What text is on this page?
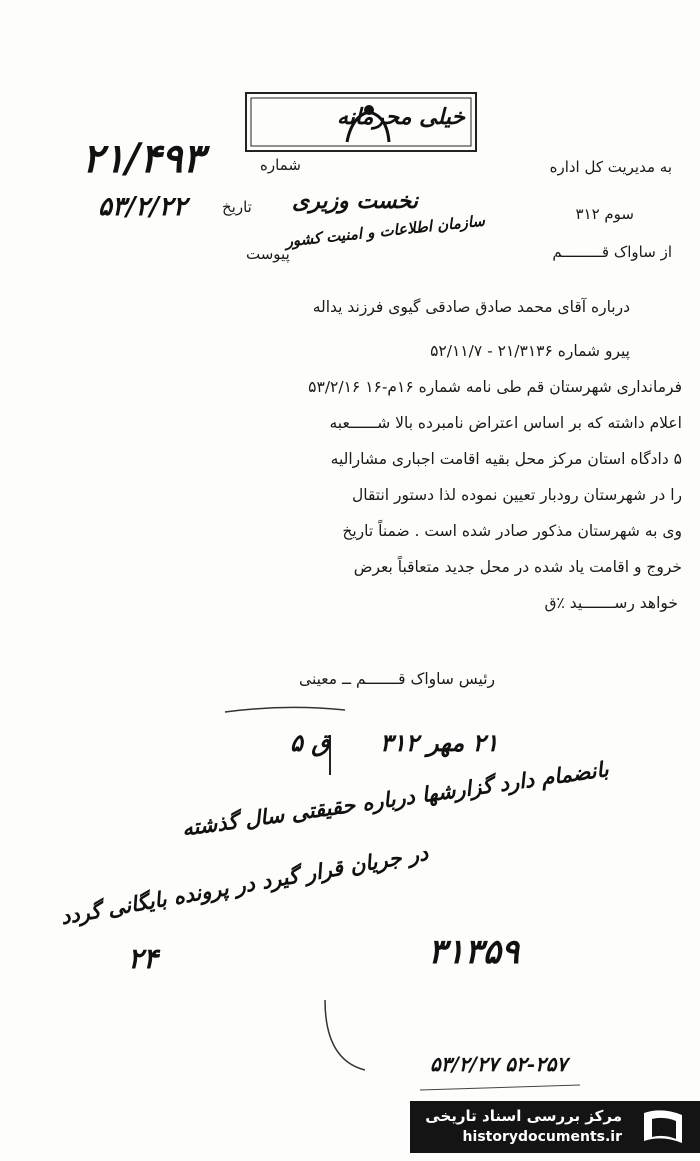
خیلی محرمانه
به مدیریت کل اداره
شماره
۲۱/۴۹۳
تاریخ
۵۳/۲/۲۲	نخست وزیری	سوم ۳۱۲
سازمان اطلاعات و امنیت کشور
از ساواک قـــــــــم
پیوست
درباره آقای محمد صادق صادقی گیوی فرزند یداله
پیرو شماره ۲۱/۳۱۳۶ - ۵۲/۱۱/۷
فرمانداری شهرستان قم طی نامه شماره ۱۶م-۱۶ ۵۳/۲/۱۶
اعلام داشته که بر اساس اعتراض نامبرده بالا شــــــعبه
۵ دادگاه استان مرکز محل بقیه اقامت اجباری مشارالیه
را در شهرستان رودبار تعیین نموده لذا دستور انتقال
وی به شهرستان مذکور صادر شده است . ضمناً تاریخ
خروج و اقامت یاد شده در محل جدید متعاقباً بعرض
خواهد رســـــــید ٪ق
رئیس ساواک قـــــــم ــ معینی
۲۱ مهر ۳۱۲
ق ۵
بانضمام دارد گزارشها درباره حقیقتی سال گذشته
در جریان قرار گیرد در پرونده بایگانی گردد
۲۴	۳۱۳۵۹
۵۳/۲/۲۷ ۵۲-۲۵۷
مرکز بررسی اسناد تاریخی
historydocuments.ir
